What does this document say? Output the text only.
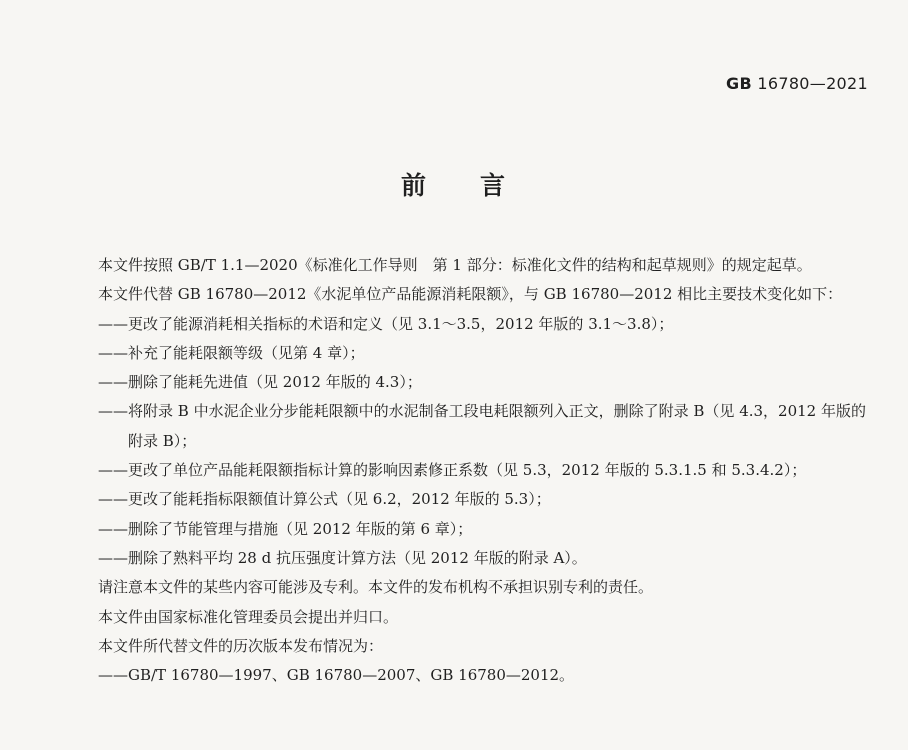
GB 16780—2021
前 言

本文件按照 GB/T 1.1—2020《标准化工作导则　第 1 部分：标准化文件的结构和起草规则》的规定起草。

本文件代替 GB 16780—2012《水泥单位产品能源消耗限额》，与 GB 16780—2012 相比主要技术变化如下：

—— 更改了能源消耗相关指标的术语和定义（见 3.1～3.5，2012 年版的 3.1～3.8）；
—— 补充了能耗限额等级（见第 4 章）；
—— 删除了能耗先进值（见 2012 年版的 4.3）；
—— 将附录 B 中水泥企业分步能耗限额中的水泥制备工段电耗限额列入正文，删除了附录 B（见 4.3，2012 年版的附录 B）；
—— 更改了单位产品能耗限额指标计算的影响因素修正系数（见 5.3，2012 年版的 5.3.1.5 和 5.3.4.2）；
—— 更改了能耗指标限额值计算公式（见 6.2，2012 年版的 5.3）；
—— 删除了节能管理与措施（见 2012 年版的第 6 章）；
—— 删除了熟料平均 28 d 抗压强度计算方法（见 2012 年版的附录 A）。

请注意本文件的某些内容可能涉及专利。本文件的发布机构不承担识别专利的责任。

本文件由国家标准化管理委员会提出并归口。

本文件所代替文件的历次版本发布情况为：

—— GB/T 16780—1997、GB 16780—2007、GB 16780—2012。
